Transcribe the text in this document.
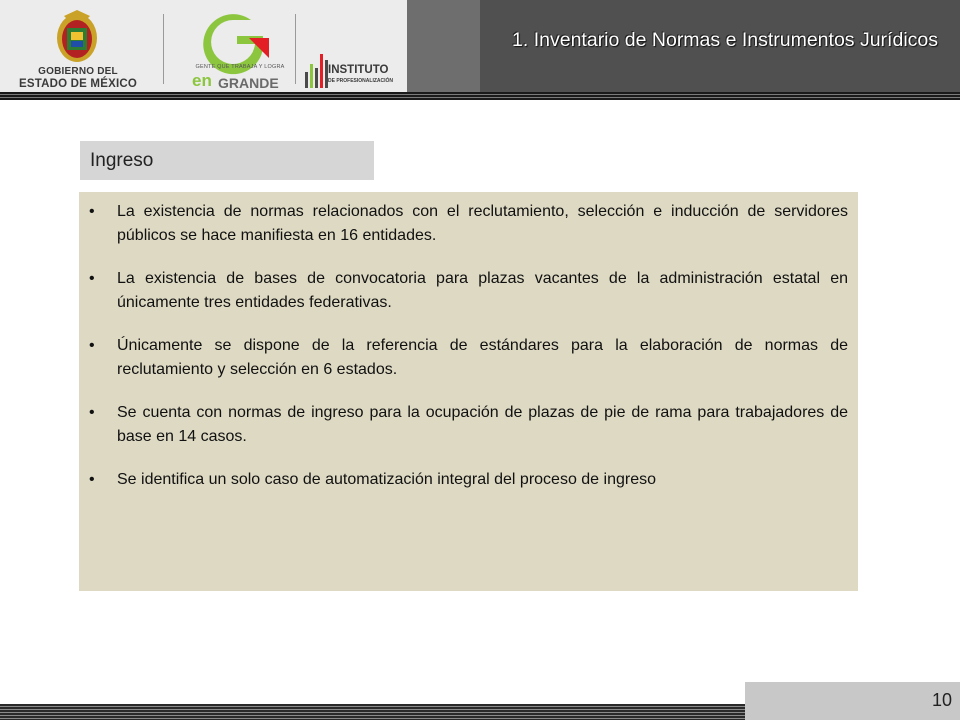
GOBIERNO DEL
ESTADO DE MÉXICO
GENTE QUE TRABAJA Y LOGRA
en GRANDE
INSTITUTO
DE PROFESIONALIZACIÓN
1. Inventario de Normas e Instrumentos Jurídicos
Ingreso
• La existencia de normas relacionados con el reclutamiento, selección e inducción de servidores públicos se hace manifiesta en 16 entidades.
• La existencia de bases de convocatoria para plazas vacantes de la administración estatal en únicamente tres entidades federativas.
• Únicamente se dispone de la referencia de estándares para la elaboración de normas de reclutamiento y selección en 6 estados.
• Se cuenta con normas de ingreso para la ocupación de plazas de pie de rama para trabajadores de base en 14 casos.
• Se identifica un solo caso de automatización integral del proceso de ingreso
10
